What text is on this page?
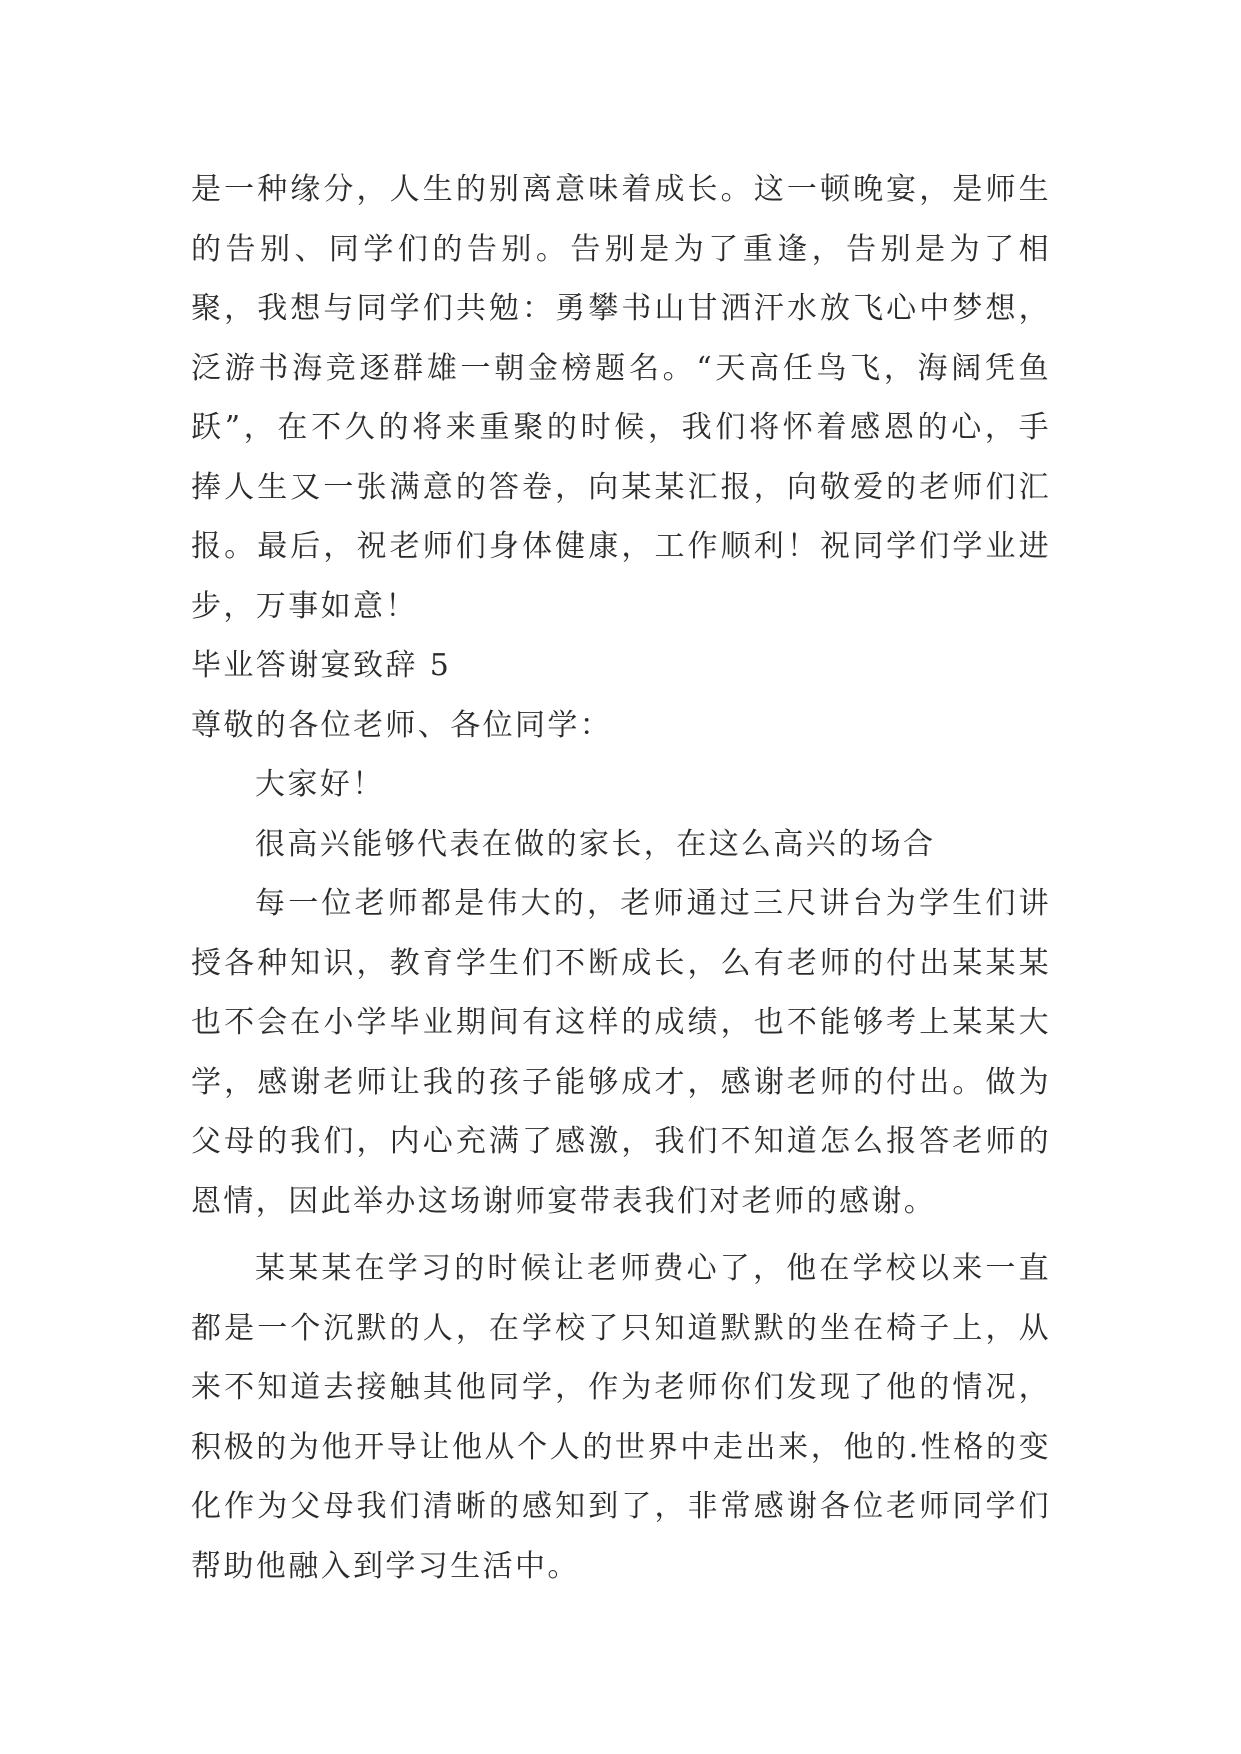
是一种缘分，人生的别离意味着成长。这一顿晚宴，是师生的告别、同学们的告别。告别是为了重逢，告别是为了相聚，我想与同学们共勉：勇攀书山甘洒汗水放飞心中梦想，泛游书海竞逐群雄一朝金榜题名。“天高任鸟飞，海阔凭鱼跃”，在不久的将来重聚的时候，我们将怀着感恩的心，手捧人生又一张满意的答卷，向某某汇报，向敬爱的老师们汇报。最后，祝老师们身体健康，工作顺利！祝同学们学业进步，万事如意！

毕业答谢宴致辞 5

尊敬的各位老师、各位同学：

大家好！

很高兴能够代表在做的家长，在这么高兴的场合

每一位老师都是伟大的，老师通过三尺讲台为学生们讲授各种知识，教育学生们不断成长，么有老师的付出某某某也不会在小学毕业期间有这样的成绩，也不能够考上某某大学，感谢老师让我的孩子能够成才，感谢老师的付出。做为父母的我们，内心充满了感激，我们不知道怎么报答老师的恩情，因此举办这场谢师宴带表我们对老师的感谢。

某某某在学习的时候让老师费心了，他在学校以来一直都是一个沉默的人，在学校了只知道默默的坐在椅子上，从来不知道去接触其他同学，作为老师你们发现了他的情况，积极的为他开导让他从个人的世界中走出来，他的.性格的变化作为父母我们清晰的感知到了，非常感谢各位老师同学们帮助他融入到学习生活中。
